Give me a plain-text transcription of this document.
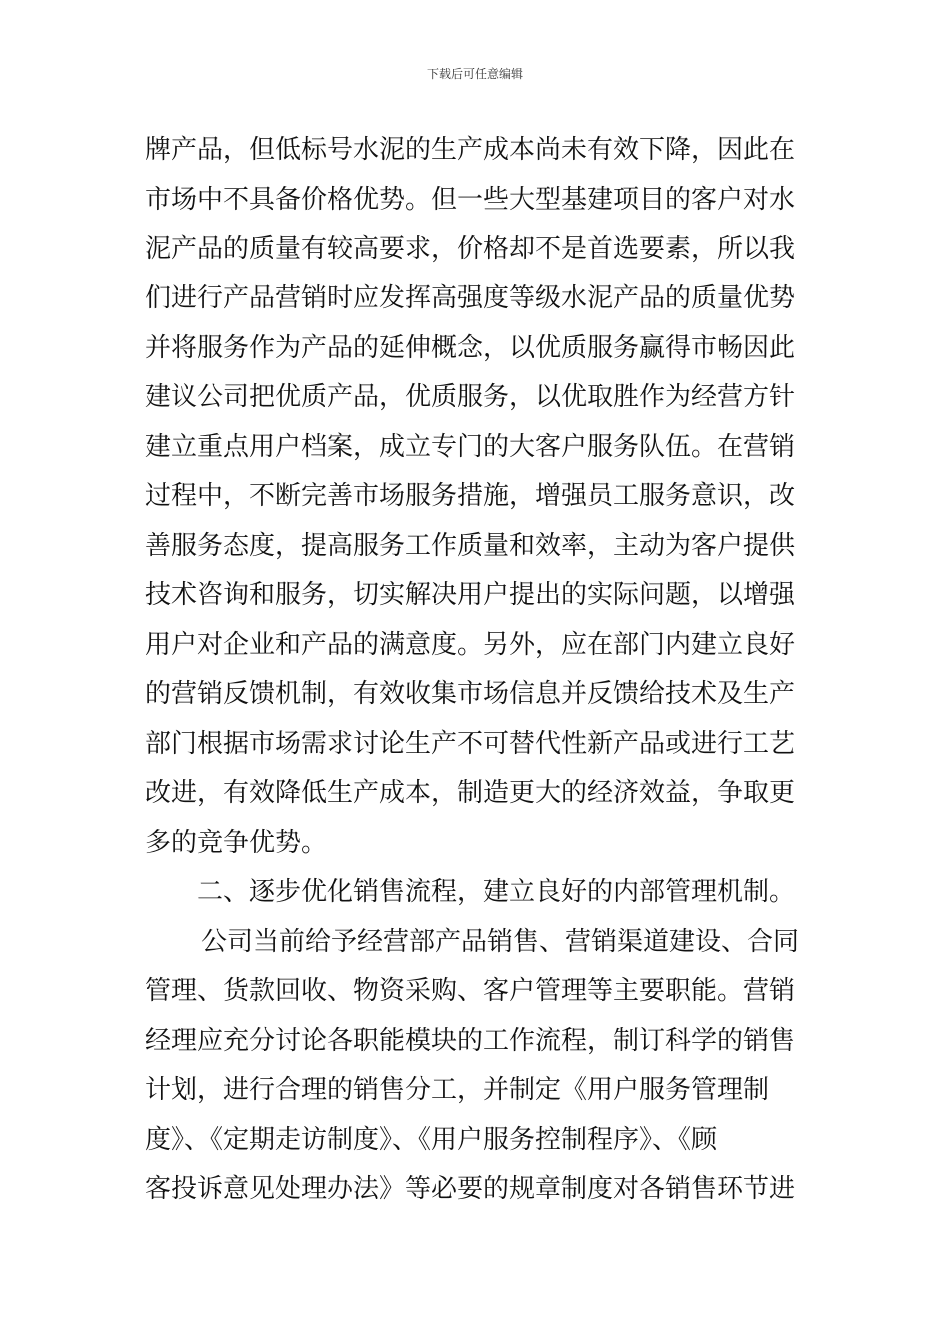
下载后可任意编辑
牌产品，但低标号水泥的生产成本尚未有效下降，因此在
市场中不具备价格优势。但一些大型基建项目的客户对水
泥产品的质量有较高要求，价格却不是首选要素，所以我
们进行产品营销时应发挥高强度等级水泥产品的质量优势
并将服务作为产品的延伸概念，以优质服务赢得市畅因此
建议公司把优质产品，优质服务，以优取胜作为经营方针
建立重点用户档案，成立专门的大客户服务队伍。在营销
过程中，不断完善市场服务措施，增强员工服务意识，改
善服务态度，提高服务工作质量和效率，主动为客户提供
技术咨询和服务，切实解决用户提出的实际问题，以增强
用户对企业和产品的满意度。另外，应在部门内建立良好
的营销反馈机制，有效收集市场信息并反馈给技术及生产
部门根据市场需求讨论生产不可替代性新产品或进行工艺
改进，有效降低生产成本，制造更大的经济效益，争取更
多的竞争优势。
二、逐步优化销售流程，建立良好的内部管理机制。
公司当前给予经营部产品销售、营销渠道建设、合同
管理、货款回收、物资采购、客户管理等主要职能。营销
经理应充分讨论各职能模块的工作流程，制订科学的销售
计划，进行合理的销售分工，并制定《用户服务管理制
度》、《定期走访制度》、《用户服务控制程序》、《顾
客投诉意见处理办法》等必要的规章制度对各销售环节进
